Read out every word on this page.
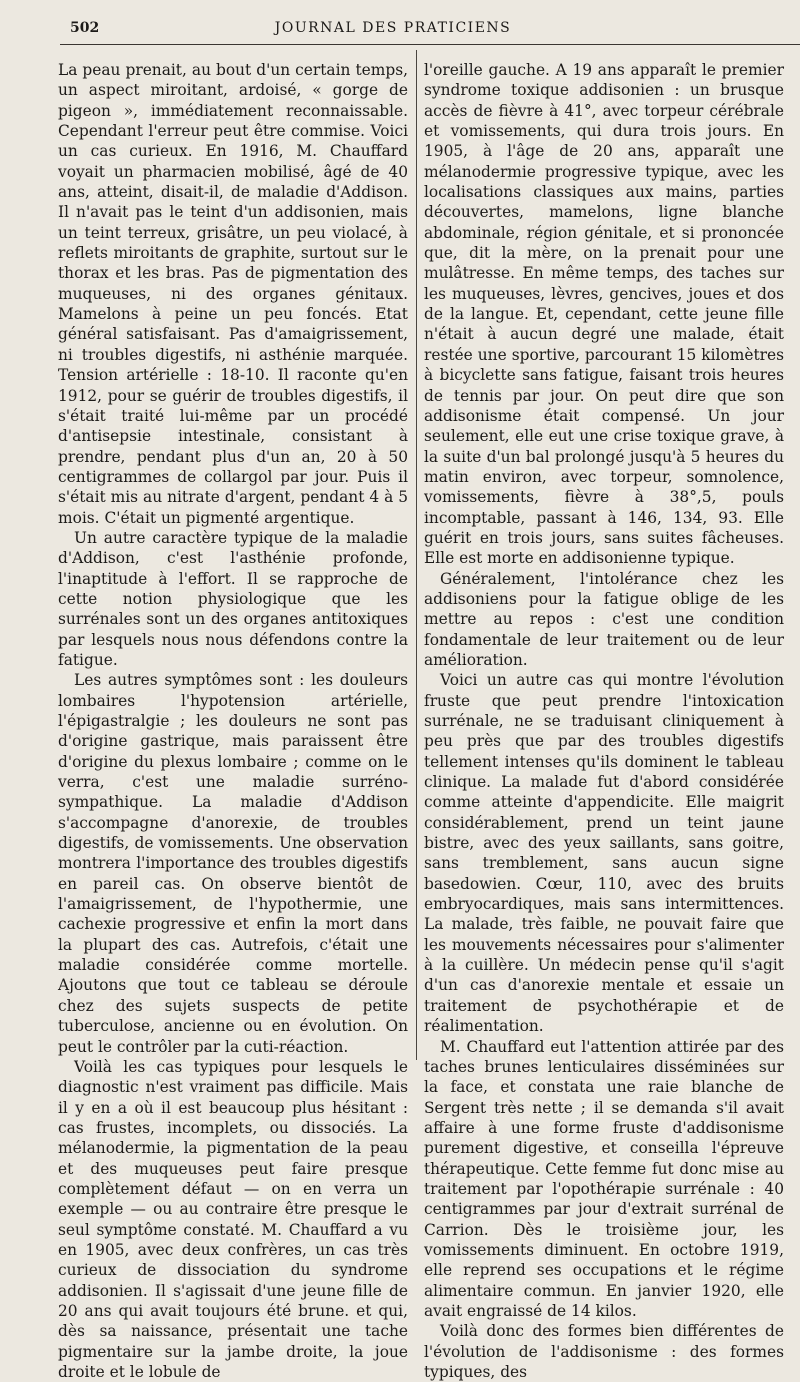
502	JOURNAL DES PRATICIENS

La peau prenait, au bout d'un certain temps, un aspect miroitant, ardoisé, « gorge de pigeon », immédiatement reconnaissable. Cependant l'erreur peut être commise. Voici un cas curieux. En 1916, M. Chauffard voyait un pharmacien mobilisé, âgé de 40 ans, atteint, disait-il, de maladie d'Addison. Il n'avait pas le teint d'un addisonien, mais un teint terreux, grisâtre, un peu violacé, à reflets miroitants de graphite, surtout sur le thorax et les bras. Pas de pigmentation des muqueuses, ni des organes génitaux. Mamelons à peine un peu foncés. Etat général satisfaisant. Pas d'amaigrissement, ni troubles digestifs, ni asthénie marquée. Tension artérielle : 18-10. Il raconte qu'en 1912, pour se guérir de troubles digestifs, il s'était traité lui-même par un procédé d'antisepsie intestinale, consistant à prendre, pendant plus d'un an, 20 à 50 centigrammes de collargol par jour. Puis il s'était mis au nitrate d'argent, pendant 4 à 5 mois. C'était un pigmenté argentique.

Un autre caractère typique de la maladie d'Addison, c'est l'asthénie profonde, l'inaptitude à l'effort. Il se rapproche de cette notion physiologique que les surrénales sont un des organes antitoxiques par lesquels nous nous défendons contre la fatigue.

Les autres symptômes sont : les douleurs lombaires l'hypotension artérielle, l'épigastralgie ; les douleurs ne sont pas d'origine gastrique, mais paraissent être d'origine du plexus lombaire ; comme on le verra, c'est une maladie surréno-sympathique. La maladie d'Addison s'accompagne d'anorexie, de troubles digestifs, de vomissements. Une observation montrera l'importance des troubles digestifs en pareil cas. On observe bientôt de l'amaigrissement, de l'hypothermie, une cachexie progressive et enfin la mort dans la plupart des cas. Autrefois, c'était une maladie considérée comme mortelle. Ajoutons que tout ce tableau se déroule chez des sujets suspects de petite tuberculose, ancienne ou en évolution. On peut le contrôler par la cuti-réaction.

Voilà les cas typiques pour lesquels le diagnostic n'est vraiment pas difficile. Mais il y en a où il est beaucoup plus hésitant : cas frustes, incomplets, ou dissociés. La mélanodermie, la pigmentation de la peau et des muqueuses peut faire presque complètement défaut — on en verra un exemple — ou au contraire être presque le seul symptôme constaté. M. Chauffard a vu en 1905, avec deux confrères, un cas très curieux de dissociation du syndrome addisonien. Il s'agissait d'une jeune fille de 20 ans qui avait toujours été brune. et qui, dès sa naissance, présentait une tache pigmentaire sur la jambe droite, la joue droite et le lobule de

l'oreille gauche. A 19 ans apparaît le premier syndrome toxique addisonien : un brusque accès de fièvre à 41°, avec torpeur cérébrale et vomissements, qui dura trois jours. En 1905, à l'âge de 20 ans, apparaît une mélanodermie progressive typique, avec les localisations classiques aux mains, parties découvertes, mamelons, ligne blanche abdominale, région génitale, et si prononcée que, dit la mère, on la prenait pour une mulâtresse. En même temps, des taches sur les muqueuses, lèvres, gencives, joues et dos de la langue. Et, cependant, cette jeune fille n'était à aucun degré une malade, était restée une sportive, parcourant 15 kilomètres à bicyclette sans fatigue, faisant trois heures de tennis par jour. On peut dire que son addisonisme était compensé. Un jour seulement, elle eut une crise toxique grave, à la suite d'un bal prolongé jusqu'à 5 heures du matin environ, avec torpeur, somnolence, vomissements, fièvre à 38°,5, pouls incomptable, passant à 146, 134, 93. Elle guérit en trois jours, sans suites fâcheuses. Elle est morte en addisonienne typique.

Généralement, l'intolérance chez les addisoniens pour la fatigue oblige de les mettre au repos : c'est une condition fondamentale de leur traitement ou de leur amélioration.

Voici un autre cas qui montre l'évolution fruste que peut prendre l'intoxication surrénale, ne se traduisant cliniquement à peu près que par des troubles digestifs tellement intenses qu'ils dominent le tableau clinique. La malade fut d'abord considérée comme atteinte d'appendicite. Elle maigrit considérablement, prend un teint jaune bistre, avec des yeux saillants, sans goitre, sans tremblement, sans aucun signe basedowien. Cœur, 110, avec des bruits embryocardiques, mais sans intermittences. La malade, très faible, ne pouvait faire que les mouvements nécessaires pour s'alimenter à la cuillère. Un médecin pense qu'il s'agit d'un cas d'anorexie mentale et essaie un traitement de psychothérapie et de réalimentation.

M. Chauffard eut l'attention attirée par des taches brunes lenticulaires disséminées sur la face, et constata une raie blanche de Sergent très nette ; il se demanda s'il avait affaire à une forme fruste d'addisonisme purement digestive, et conseilla l'épreuve thérapeutique. Cette femme fut donc mise au traitement par l'opothérapie surrénale : 40 centigrammes par jour d'extrait surrénal de Carrion. Dès le troisième jour, les vomissements diminuent. En octobre 1919, elle reprend ses occupations et le régime alimentaire commun. En janvier 1920, elle avait engraissé de 14 kilos.

Voilà donc des formes bien différentes de l'évolution de l'addisonisme : des formes typiques, des
